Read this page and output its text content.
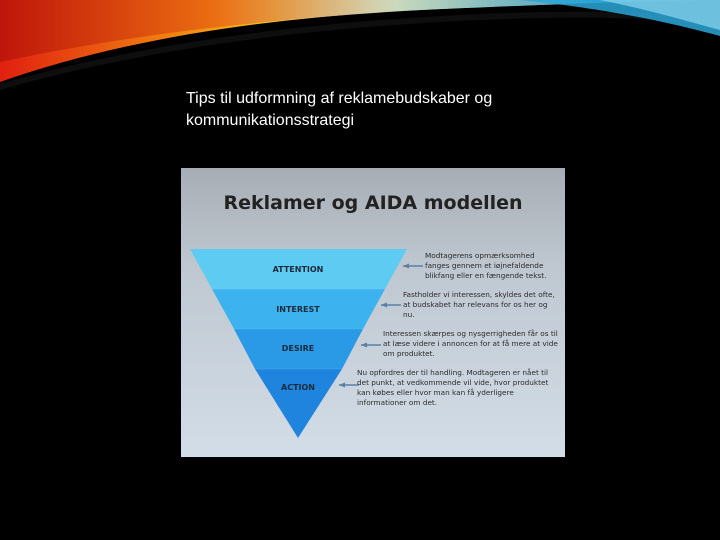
Tips til udformning af reklamebudskaber og kommunikationsstrategi
Reklamer og AIDA modellen
ATTENTION
INTEREST
DESIRE
ACTION
Modtagerens opmærksomhed fanges gennem et iøjnefaldende blikfang eller en fængende tekst.
Fastholder vi interessen, skyldes det ofte, at budskabet har relevans for os her og nu.
Interessen skærpes og nysgerrigheden får os til at læse videre i annoncen for at få mere at vide om produktet.
Nu opfordres der til handling. Modtageren er nået til det punkt, at vedkommende vil vide, hvor produktet kan købes eller hvor man kan få yderligere informationer om det.
